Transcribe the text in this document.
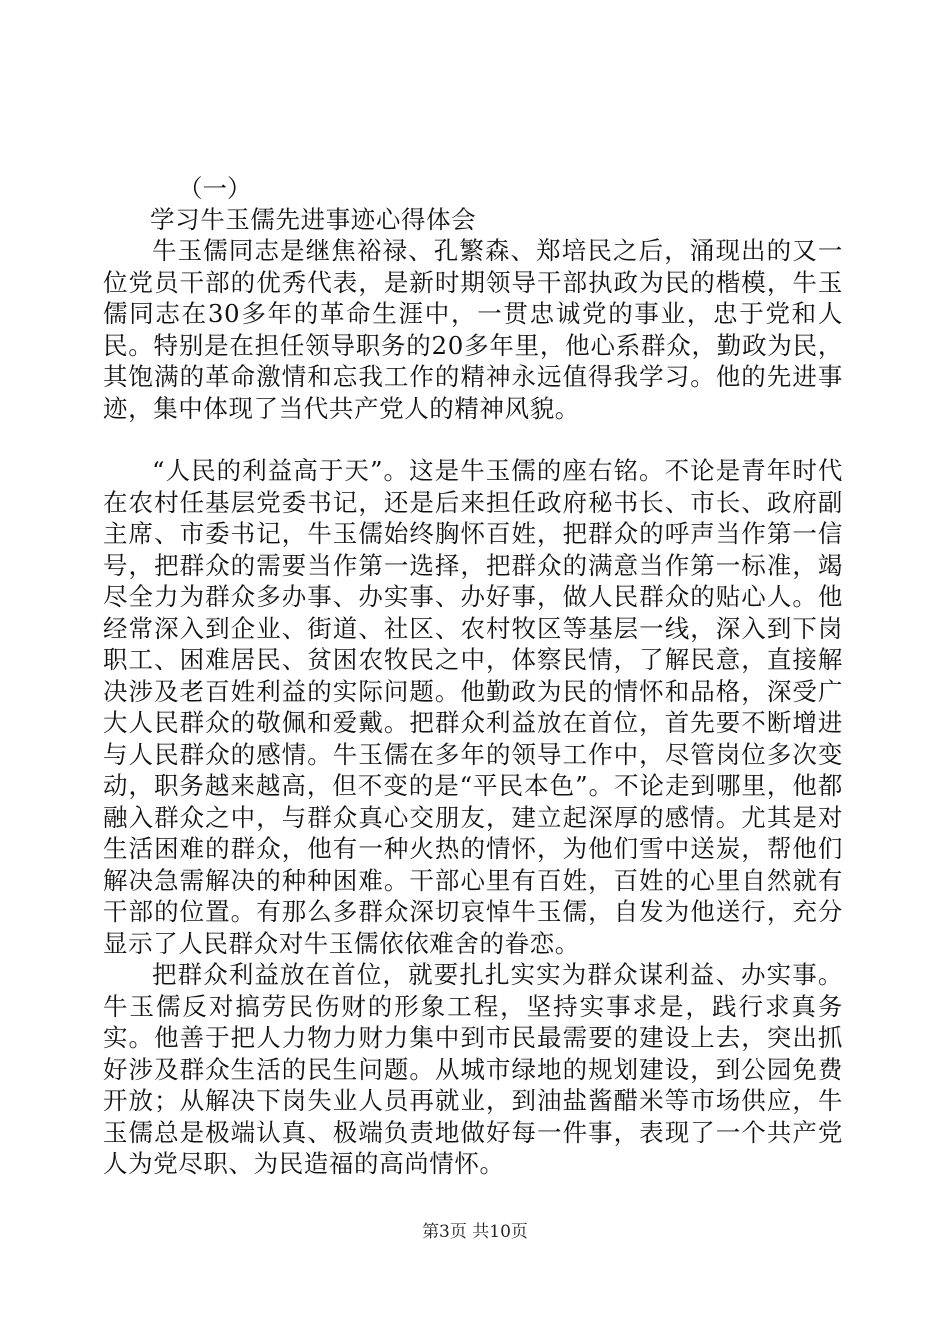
（一）
学习牛玉儒先进事迹心得体会

牛玉儒同志是继焦裕禄、孔繁森、郑培民之后，涌现出的又一位党员干部的优秀代表，是新时期领导干部执政为民的楷模，牛玉儒同志在30多年的革命生涯中，一贯忠诚党的事业，忠于党和人民。特别是在担任领导职务的20多年里，他心系群众，勤政为民，其饱满的革命激情和忘我工作的精神永远值得我学习。他的先进事迹，集中体现了当代共产党人的精神风貌。

“人民的利益高于天”。这是牛玉儒的座右铭。不论是青年时代在农村任基层党委书记，还是后来担任政府秘书长、市长、政府副主席、市委书记，牛玉儒始终胸怀百姓，把群众的呼声当作第一信号，把群众的需要当作第一选择，把群众的满意当作第一标准，竭尽全力为群众多办事、办实事、办好事，做人民群众的贴心人。他经常深入到企业、街道、社区、农村牧区等基层一线，深入到下岗职工、困难居民、贫困农牧民之中，体察民情，了解民意，直接解决涉及老百姓利益的实际问题。他勤政为民的情怀和品格，深受广大人民群众的敬佩和爱戴。把群众利益放在首位，首先要不断增进与人民群众的感情。牛玉儒在多年的领导工作中，尽管岗位多次变动，职务越来越高，但不变的是“平民本色”。不论走到哪里，他都融入群众之中，与群众真心交朋友，建立起深厚的感情。尤其是对生活困难的群众，他有一种火热的情怀，为他们雪中送炭，帮他们解决急需解决的种种困难。干部心里有百姓，百姓的心里自然就有干部的位置。有那么多群众深切哀悼牛玉儒，自发为他送行，充分显示了人民群众对牛玉儒依依难舍的眷恋。

把群众利益放在首位，就要扎扎实实为群众谋利益、办实事。牛玉儒反对搞劳民伤财的形象工程，坚持实事求是，践行求真务实。他善于把人力物力财力集中到市民最需要的建设上去，突出抓好涉及群众生活的民生问题。从城市绿地的规划建设，到公园免费开放；从解决下岗失业人员再就业，到油盐酱醋米等市场供应，牛玉儒总是极端认真、极端负责地做好每一件事，表现了一个共产党人为党尽职、为民造福的高尚情怀。

第3页 共10页
